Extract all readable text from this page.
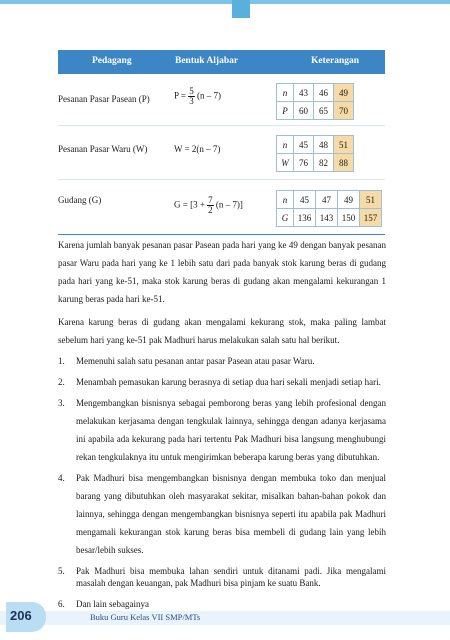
Pedagang	Bentuk Aljabar	Keterangan
Pesanan Pasar Pasean (P)	$P = \frac{5}{3} (n - 7)$	n	43	46	49
P	60	65	70
Pesanan Pasar Waru (W)	W = 2(n – 7)	n	45	48	51
W	76	82	88
Gudang (G)	$G = [3 + \frac{7}{2} (n - 7)]$
n	45	47	49	51
G	136	143	150	157
Karena jumlah banyak pesanan pasar Pasean pada hari yang ke 49 dengan banyak pesanan pasar Waru pada hari yang ke 1 lebih satu dari pada banyak stok karung beras di gudang pada hari yang ke-51, maka stok karung beras di gudang akan mengalami kekurangan 1 karung beras pada hari ke-51.
Karena karung beras di gudang akan mengalami kekurang stok, maka paling lambat sebelum hari yang ke-51 pak Madhuri harus melakukan salah satu hal berikut.
1. Memenuhi salah satu pesanan antar pasar Pasean atau pasar Waru.
2. Menambah pemasukan karung berasnya di setiap dua hari sekali menjadi setiap hari.
3. Mengembangkan bisnisnya sebagai pemborong beras yang lebih profesional dengan melakukan kerjasama dengan tengkulak lainnya, sehingga dengan adanya kerjasama ini apabila ada kekurang pada hari tertentu Pak Madhuri bisa langsung menghubungi rekan tengkulaknya itu untuk mengirimkan beberapa karung beras yang dibutuhkan.
4. Pak Madhuri bisa mengembangkan bisnisnya dengan membuka toko dan menjual barang yang dibutuhkan oleh masyarakat sekitar, misalkan bahan-bahan pokok dan lainnya, sehingga dengan mengembangkan bisnisnya seperti itu apabila pak Madhuri mengamali kekurangan stok karung beras bisa membeli di gudang lain yang lebih besar/lebih sukses.
5. Pak Madhuri bisa membuka lahan sendiri untuk ditanami padi. Jika mengalami masalah dengan keuangan, pak Madhuri bisa pinjam ke suatu Bank.
6. Dan lain sebagainya
206	Buku Guru Kelas VII SMP/MTs
